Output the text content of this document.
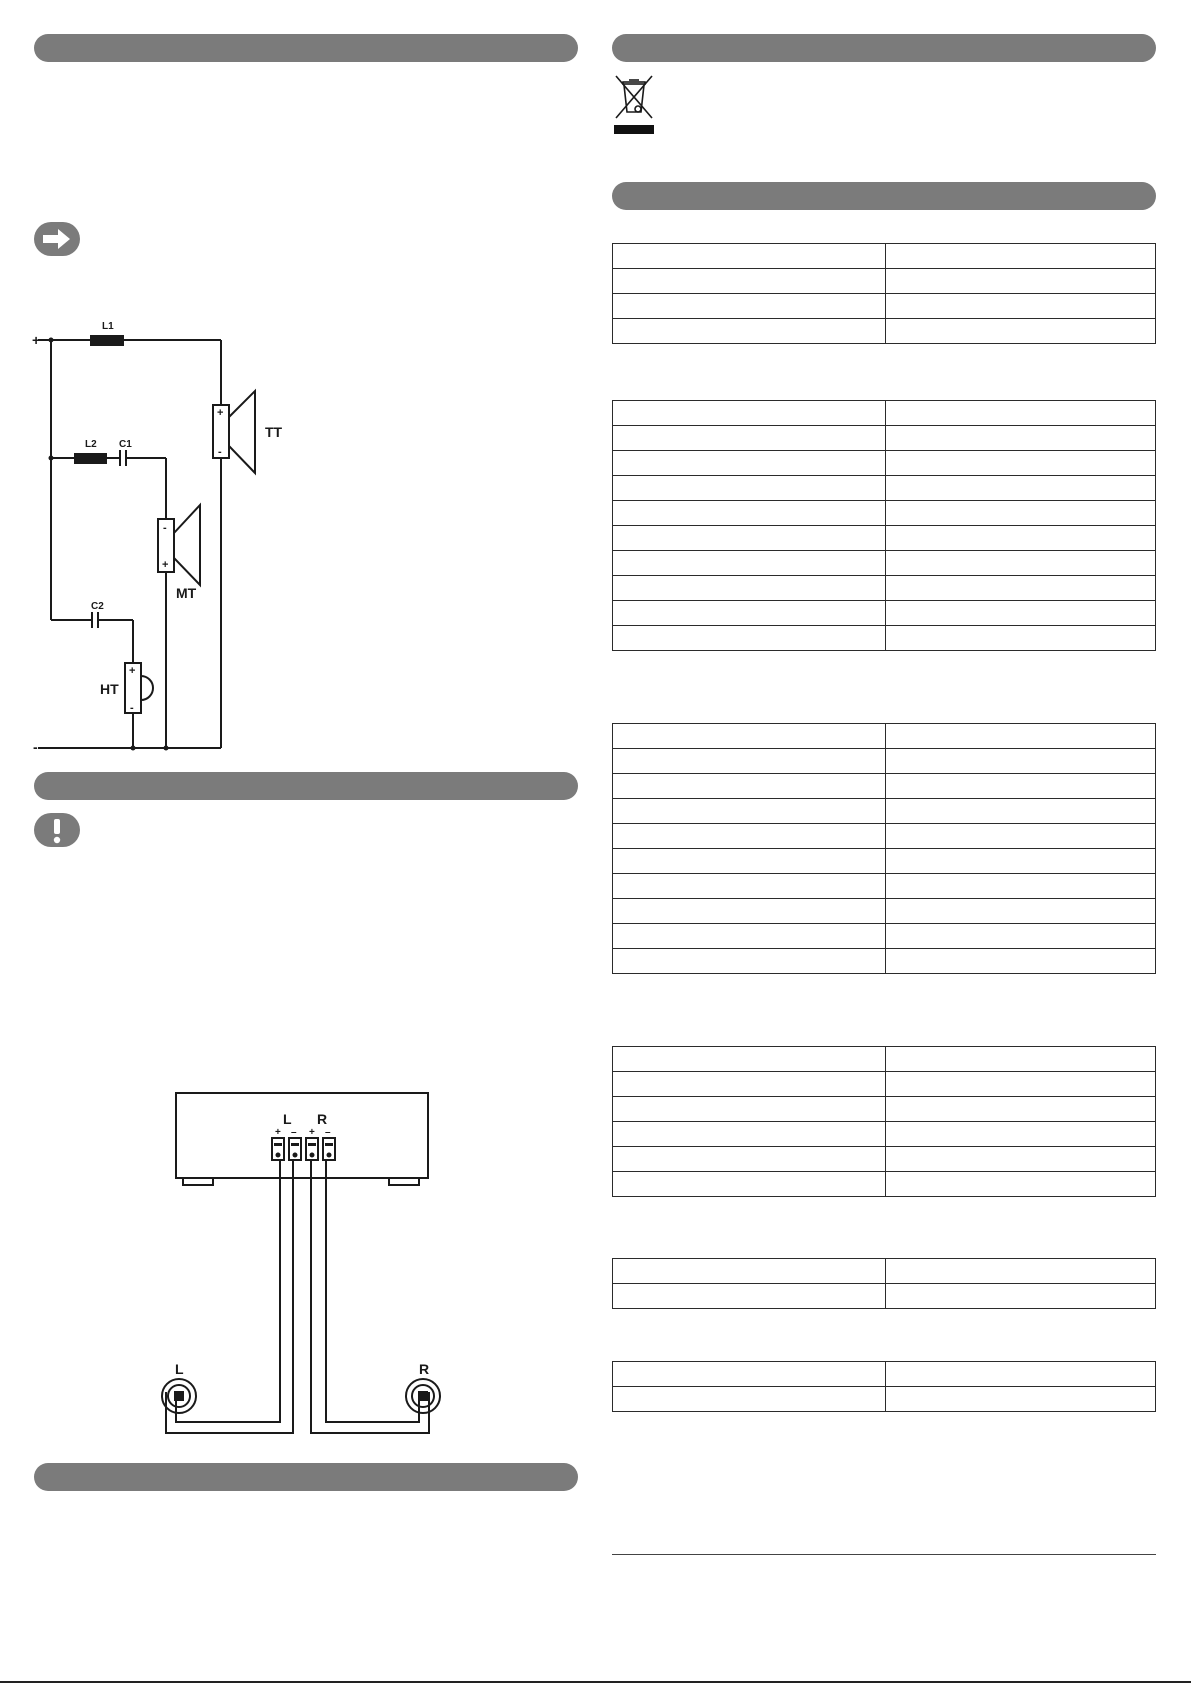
+
-
L1
L2 C1
C2
TT
MT
HT
+
-
-
+
+
-
L R
+ – + –
L	R
